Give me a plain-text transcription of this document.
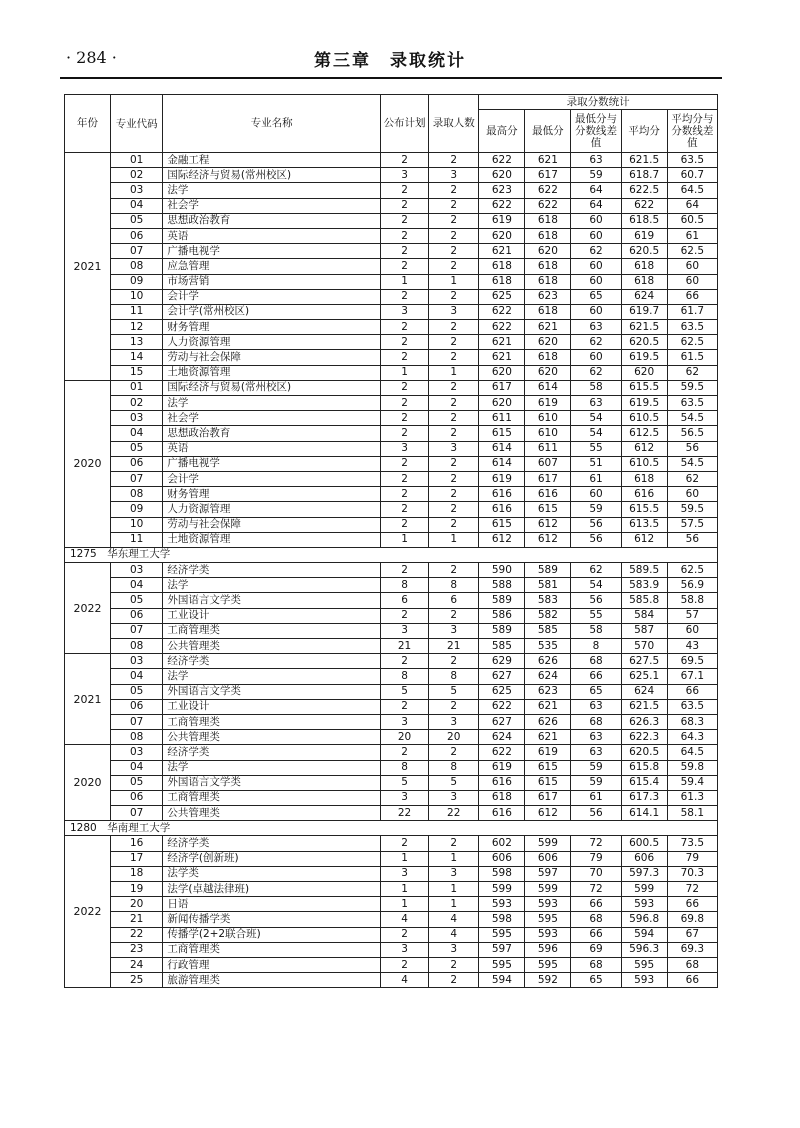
· 284 ·	第三章　录取统计
年份	专业代码	专业名称	公布计划	录取人数	录取分数统计				
					最高分	最低分	最低分与分数线差值	平均分	平均分与分数线差值
2021	01	金融工程	2	2	622	621	63	621.5	63.5
	02	国际经济与贸易(常州校区)	3	3	620	617	59	618.7	60.7
	03	法学	2	2	623	622	64	622.5	64.5
	04	社会学	2	2	622	622	64	622	64
	05	思想政治教育	2	2	619	618	60	618.5	60.5
	06	英语	2	2	620	618	60	619	61
	07	广播电视学	2	2	621	620	62	620.5	62.5
	08	应急管理	2	2	618	618	60	618	60
	09	市场营销	1	1	618	618	60	618	60
	10	会计学	2	2	625	623	65	624	66
	11	会计学(常州校区)	3	3	622	618	60	619.7	61.7
	12	财务管理	2	2	622	621	63	621.5	63.5
	13	人力资源管理	2	2	621	620	62	620.5	62.5
	14	劳动与社会保障	2	2	621	618	60	619.5	61.5
	15	土地资源管理	1	1	620	620	62	620	62
2020	01	国际经济与贸易(常州校区)	2	2	617	614	58	615.5	59.5
	02	法学	2	2	620	619	63	619.5	63.5
	03	社会学	2	2	611	610	54	610.5	54.5
	04	思想政治教育	2	2	615	610	54	612.5	56.5
	05	英语	3	3	614	611	55	612	56
	06	广播电视学	2	2	614	607	51	610.5	54.5
	07	会计学	2	2	619	617	61	618	62
	08	财务管理	2	2	616	616	60	616	60
	09	人力资源管理	2	2	616	615	59	615.5	59.5
	10	劳动与社会保障	2	2	615	612	56	613.5	57.5
	11	土地资源管理	1	1	612	612	56	612	56
1275　华东理工大学									
2022	03	经济学类	2	2	590	589	62	589.5	62.5
	04	法学	8	8	588	581	54	583.9	56.9
	05	外国语言文学类	6	6	589	583	56	585.8	58.8
	06	工业设计	2	2	586	582	55	584	57
	07	工商管理类	3	3	589	585	58	587	60
	08	公共管理类	21	21	585	535	8	570	43
2021	03	经济学类	2	2	629	626	68	627.5	69.5
	04	法学	8	8	627	624	66	625.1	67.1
	05	外国语言文学类	5	5	625	623	65	624	66
	06	工业设计	2	2	622	621	63	621.5	63.5
	07	工商管理类	3	3	627	626	68	626.3	68.3
	08	公共管理类	20	20	624	621	63	622.3	64.3
2020	03	经济学类	2	2	622	619	63	620.5	64.5
	04	法学	8	8	619	615	59	615.8	59.8
	05	外国语言文学类	5	5	616	615	59	615.4	59.4
	06	工商管理类	3	3	618	617	61	617.3	61.3
	07	公共管理类	22	22	616	612	56	614.1	58.1
1280　华南理工大学									
2022	16	经济学类	2	2	602	599	72	600.5	73.5
	17	经济学(创新班)	1	1	606	606	79	606	79
	18	法学类	3	3	598	597	70	597.3	70.3
	19	法学(卓越法律班)	1	1	599	599	72	599	72
	20	日语	1	1	593	593	66	593	66
	21	新闻传播学类	4	4	598	595	68	596.8	69.8
	22	传播学(2+2联合班)	2	4	595	593	66	594	67
	23	工商管理类	3	3	597	596	69	596.3	69.3
	24	行政管理	2	2	595	595	68	595	68
	25	旅游管理类	4	2	594	592	65	593	66
